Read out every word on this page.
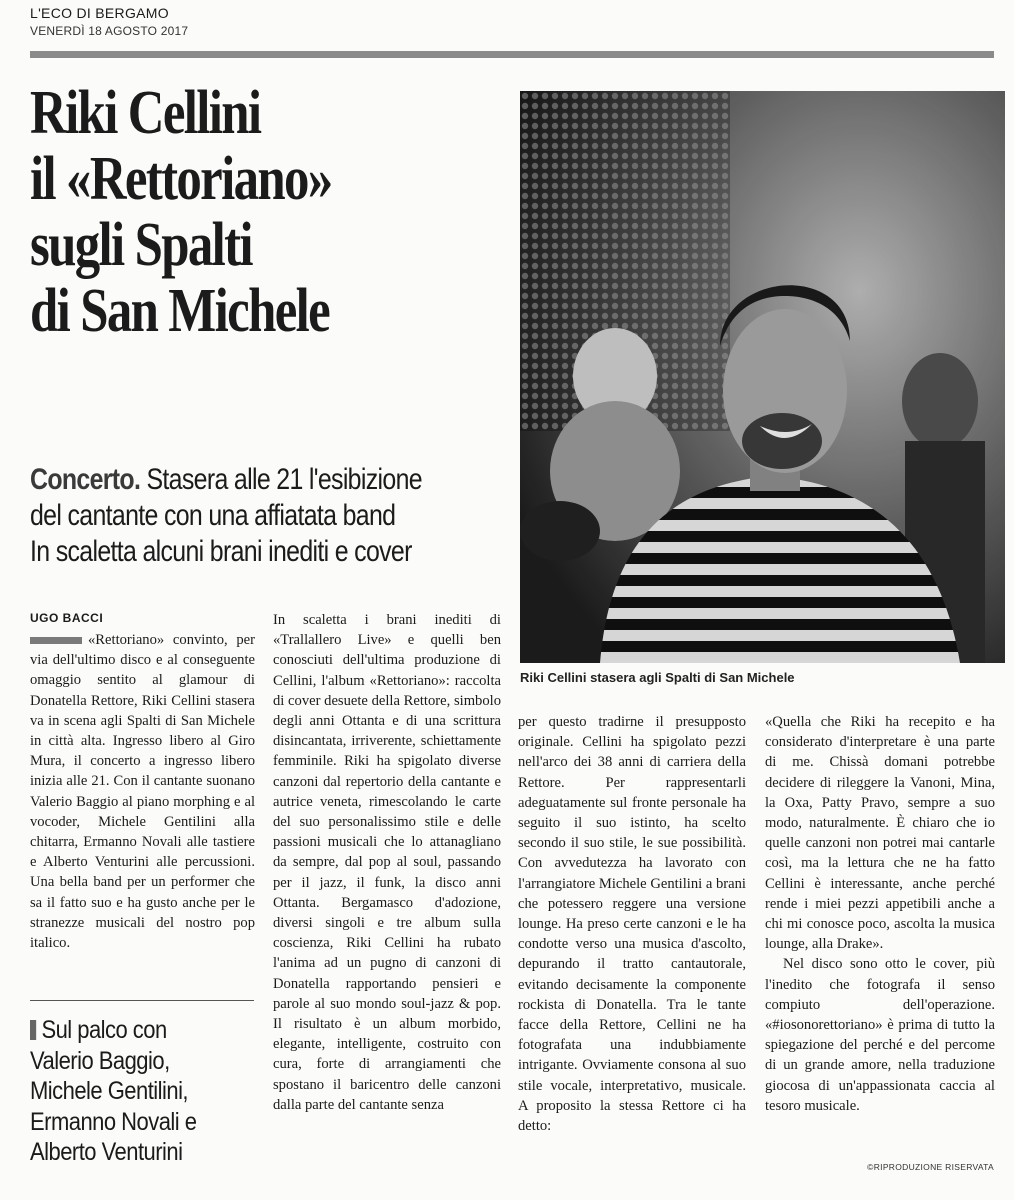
L'ECO DI BERGAMO
VENERDÌ 18 AGOSTO 2017
Riki Cellini
il «Rettoriano»
sugli Spalti
di San Michele
Concerto. Stasera alle 21 l'esibizione
del cantante con una affiatata band
In scaletta alcuni brani inediti e cover
Riki Cellini stasera agli Spalti di San Michele
UGO BACCI

«Rettoriano» convinto, per via dell'ultimo disco e al conseguente omaggio sentito al glamour di Donatella Rettore, Riki Cellini stasera va in scena agli Spalti di San Michele in città alta. Ingresso libero al Giro Mura, il concerto a ingresso libero inizia alle 21. Con il cantante suonano Valerio Baggio al piano morphing e al vocoder, Michele Gentilini alla chitarra, Ermanno Novali alle tastiere e Alberto Venturini alle percussioni. Una bella band per un performer che sa il fatto suo e ha gusto anche per le stranezze musicali del nostro pop italico.

Sul palco con
Valerio Baggio,
Michele Gentilini,
Ermanno Novali e
Alberto Venturini

In scaletta i brani inediti di «Trallallero Live» e quelli ben conosciuti dell'ultima produzione di Cellini, l'album «Rettoriano»: raccolta di cover desuete della Rettore, simbolo degli anni Ottanta e di una scrittura disincantata, irriverente, schiettamente femminile. Riki ha spigolato diverse canzoni dal repertorio della cantante e autrice veneta, rimescolando le carte del suo personalissimo stile e delle passioni musicali che lo attanagliano da sempre, dal pop al soul, passando per il jazz, il funk, la disco anni Ottanta. Bergamasco d'adozione, diversi singoli e tre album sulla coscienza, Riki Cellini ha rubato l'anima ad un pugno di canzoni di Donatella rapportando pensieri e parole al suo mondo soul-jazz & pop. Il risultato è un album morbido, elegante, intelligente, costruito con cura, forte di arrangiamenti che spostano il baricentro delle canzoni dalla parte del cantante senza

per questo tradirne il presupposto originale. Cellini ha spigolato pezzi nell'arco dei 38 anni di carriera della Rettore. Per rappresentarli adeguatamente sul fronte personale ha seguito il suo istinto, ha scelto secondo il suo stile, le sue possibilità. Con avvedutezza ha lavorato con l'arrangiatore Michele Gentilini a brani che potessero reggere una versione lounge. Ha preso certe canzoni e le ha condotte verso una musica d'ascolto, depurando il tratto cantautorale, evitando decisamente la componente rockista di Donatella. Tra le tante facce della Rettore, Cellini ne ha fotografata una indubbiamente intrigante. Ovviamente consona al suo stile vocale, interpretativo, musicale. A proposito la stessa Rettore ci ha detto:

«Quella che Riki ha recepito e ha considerato d'interpretare è una parte di me. Chissà domani potrebbe decidere di rileggere la Vanoni, Mina, la Oxa, Patty Pravo, sempre a suo modo, naturalmente. È chiaro che io quelle canzoni non potrei mai cantarle così, ma la lettura che ne ha fatto Cellini è interessante, anche perché rende i miei pezzi appetibili anche a chi mi conosce poco, ascolta la musica lounge, alla Drake».

Nel disco sono otto le cover, più l'inedito che fotografa il senso compiuto dell'operazione. «#iosonorettoriano» è prima di tutto la spiegazione del perché e del percome di un grande amore, nella traduzione giocosa di un'appassionata caccia al tesoro musicale.

©RIPRODUZIONE RISERVATA
